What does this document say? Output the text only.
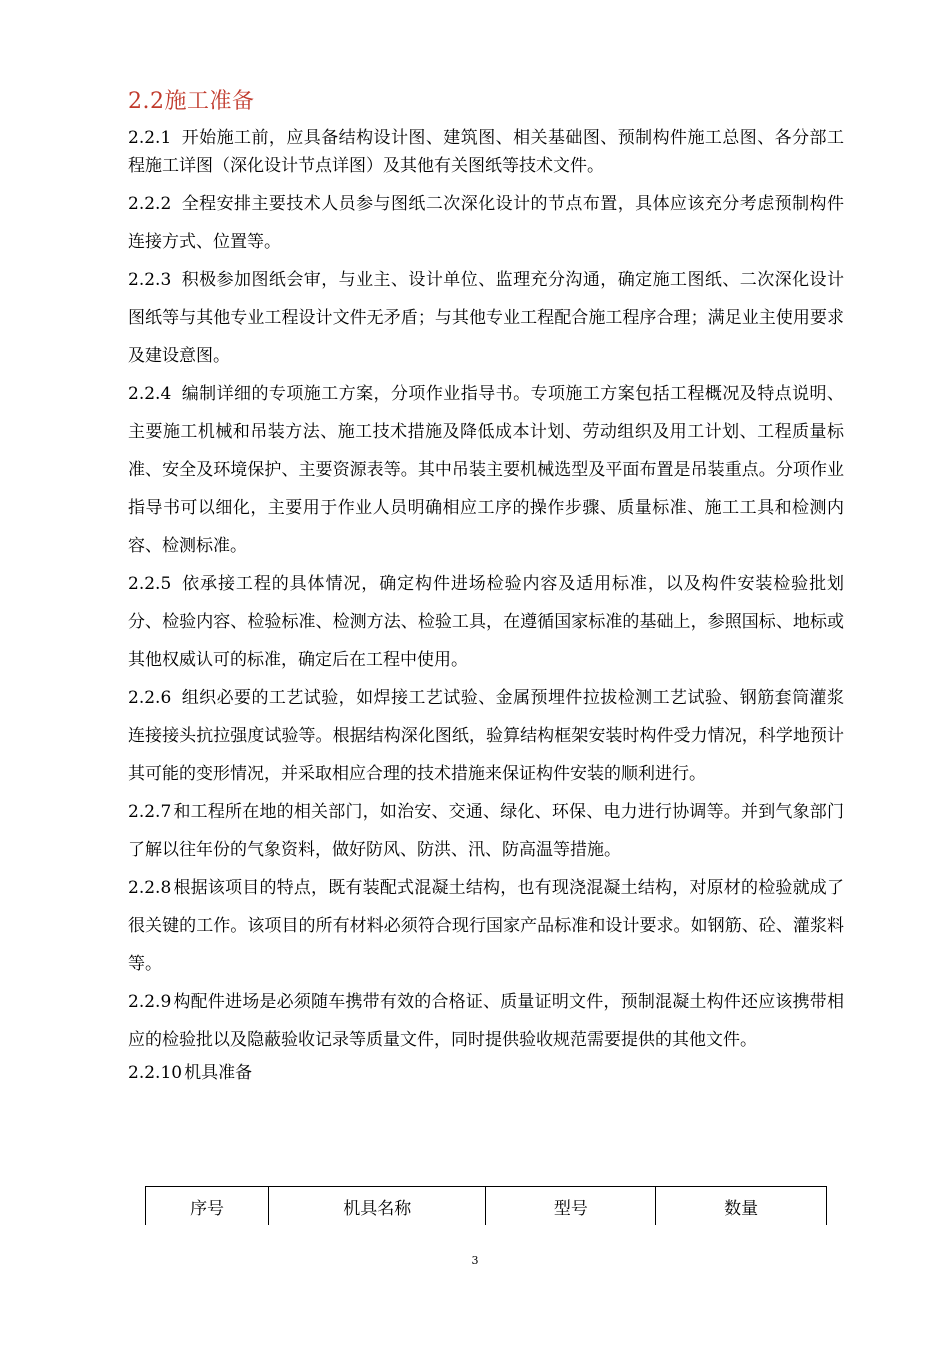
2.2施工准备

2.2.1 开始施工前，应具备结构设计图、建筑图、相关基础图、预制构件施工总图、各分部工程施工详图（深化设计节点详图）及其他有关图纸等技术文件。

2.2.2 全程安排主要技术人员参与图纸二次深化设计的节点布置，具体应该充分考虑预制构件连接方式、位置等。

2.2.3 积极参加图纸会审，与业主、设计单位、监理充分沟通，确定施工图纸、二次深化设计图纸等与其他专业工程设计文件无矛盾；与其他专业工程配合施工程序合理；满足业主使用要求及建设意图。

2.2.4 编制详细的专项施工方案，分项作业指导书。专项施工方案包括工程概况及特点说明、主要施工机械和吊装方法、施工技术措施及降低成本计划、劳动组织及用工计划、工程质量标准、安全及环境保护、主要资源表等。其中吊装主要机械选型及平面布置是吊装重点。分项作业指导书可以细化，主要用于作业人员明确相应工序的操作步骤、质量标准、施工工具和检测内容、检测标准。

2.2.5 依承接工程的具体情况，确定构件进场检验内容及适用标准，以及构件安装检验批划分、检验内容、检验标准、检测方法、检验工具，在遵循国家标准的基础上，参照国标、地标或其他权威认可的标准，确定后在工程中使用。

2.2.6 组织必要的工艺试验，如焊接工艺试验、金属预埋件拉拔检测工艺试验、钢筋套筒灌浆连接接头抗拉强度试验等。根据结构深化图纸，验算结构框架安装时构件受力情况，科学地预计其可能的变形情况，并采取相应合理的技术措施来保证构件安装的顺利进行。

2.2.7 和工程所在地的相关部门，如治安、交通、绿化、环保、电力进行协调等。并到气象部门了解以往年份的气象资料，做好防风、防洪、汛、防高温等措施。

2.2.8 根据该项目的特点，既有装配式混凝土结构，也有现浇混凝土结构，对原材的检验就成了很关键的工作。该项目的所有材料必须符合现行国家产品标准和设计要求。如钢筋、砼、灌浆料等。

2.2.9 构配件进场是必须随车携带有效的合格证、质量证明文件，预制混凝土构件还应该携带相应的检验批以及隐蔽验收记录等质量文件，同时提供验收规范需要提供的其他文件。

2.2.10 机具准备

序号	机具名称	型号	数量
3
